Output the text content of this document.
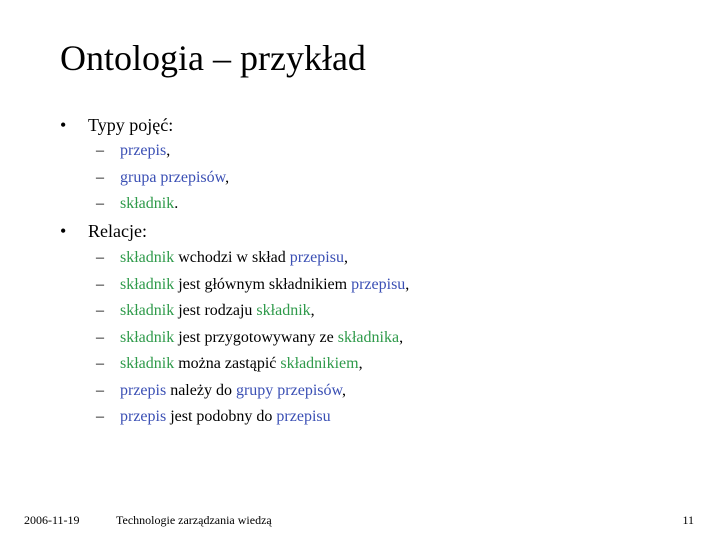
Ontologia – przykład
• Typy pojęć:
– przepis,
– grupa przepisów,
– składnik.
• Relacje:
– składnik wchodzi w skład przepisu,
– składnik jest głównym składnikiem przepisu,
– składnik jest rodzaju składnik,
– składnik jest przygotowywany ze składnika,
– składnik można zastąpić składnikiem,
– przepis należy do grupy przepisów,
– przepis jest podobny do przepisu
2006-11-19	Technologie zarządzania wiedzą	11
